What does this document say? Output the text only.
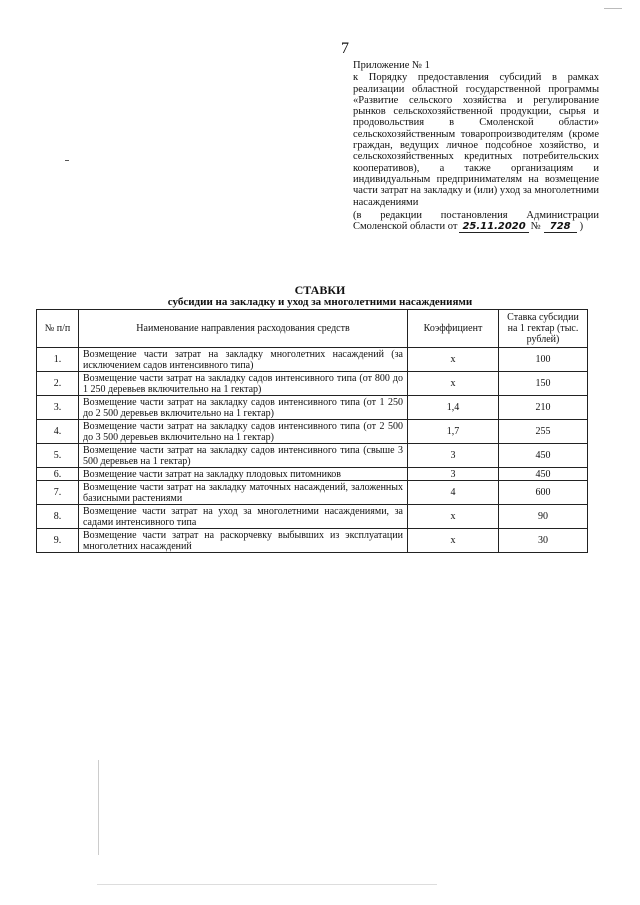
7
Приложение № 1
к Порядку предоставления субсидий в рамках реализации областной государственной программы «Развитие сельского хозяйства и регулирование рынков сельскохозяйственной продукции, сырья и продовольствия в Смоленской области» сельскохозяйственным товаропроизводителям (кроме граждан, ведущих личное подсобное хозяйство, и сельскохозяйственных кредитных потребительских кооперативов), а также организациям и индивидуальным предпринимателям на возмещение части затрат на закладку и (или) уход за многолетними
насаждениями
(в редакции постановления Администрации
Смоленской области от 25.11.2020 № 728 )
СТАВКИ
субсидии на закладку и уход за многолетними насаждениями
№ п/п	Наименование направления расходования средств	Коэффициент	Ставка субсидии на 1 гектар (тыс. рублей)
1.	Возмещение части затрат на закладку многолетних насаждений (за исключением садов интенсивного типа)	x	100
2.	Возмещение части затрат на закладку садов интенсивного типа (от 800 до 1 250 деревьев включительно на 1 гектар)	x	150
3.	Возмещение части затрат на закладку садов интенсивного типа (от 1 250 до 2 500 деревьев включительно на 1 гектар)	1,4	210
4.	Возмещение части затрат на закладку садов интенсивного типа (от 2 500 до 3 500 деревьев включительно на 1 гектар)	1,7	255
5.	Возмещение части затрат на закладку садов интенсивного типа (свыше 3 500 деревьев на 1 гектар)	3	450
6.	Возмещение части затрат на закладку плодовых питомников	3	450
7.	Возмещение части затрат на закладку маточных насаждений, заложенных базисными растениями	4	600
8.	Возмещение части затрат на уход за многолетними насаждениями, за садами интенсивного типа	x	90
9.	Возмещение части затрат на раскорчевку выбывших из эксплуатации многолетних насаждений	x	30
